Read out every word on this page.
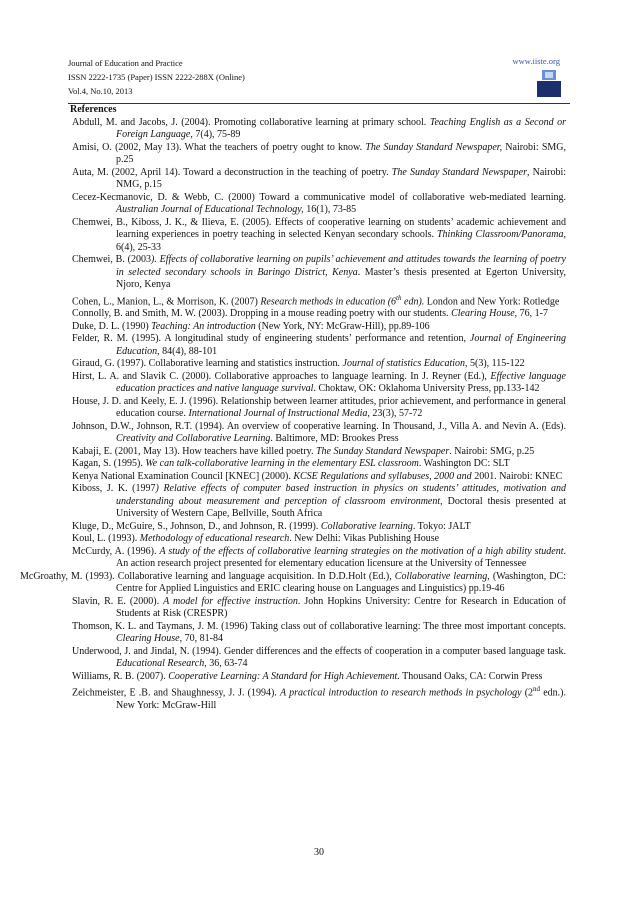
Journal of Education and Practice
ISSN 2222-1735 (Paper) ISSN 2222-288X (Online)
Vol.4, No.10, 2013
www.iiste.org
References
Abdull, M. and Jacobs, J. (2004). Promoting collaborative learning at primary school. Teaching English as a Second or Foreign Language, 7(4), 75-89
Amisi, O. (2002, May 13). What the teachers of poetry ought to know. The Sunday Standard Newspaper, Nairobi: SMG, p.25
Auta, M. (2002, April 14). Toward a deconstruction in the teaching of poetry. The Sunday Standard Newspaper, Nairobi: NMG, p.15
Cecez-Kecmanovic, D. & Webb, C. (2000) Toward a communicative model of collaborative web-mediated learning. Australian Journal of Educational Technology, 16(1), 73-85
Chemwei, B., Kiboss, J. K., & Ilieva, E. (2005). Effects of cooperative learning on students’ academic achievement and learning experiences in poetry teaching in selected Kenyan secondary schools. Thinking Classroom/Panorama, 6(4), 25-33
Chemwei, B. (2003). Effects of collaborative learning on pupils’ achievement and attitudes towards the learning of poetry in selected secondary schools in Baringo District, Kenya. Master’s thesis presented at Egerton University, Njoro, Kenya
Cohen, L., Manion, L., & Morrison, K. (2007) Research methods in education (6th edn). London and New York: Rotledge
Connolly, B. and Smith, M. W. (2003). Dropping in a mouse reading poetry with our students. Clearing House, 76, 1-7
Duke, D. L. (1990) Teaching: An introduction (New York, NY: McGraw-Hill), pp.89-106
Felder, R. M. (1995). A longitudinal study of engineering students’ performance and retention, Journal of Engineering Education, 84(4), 88-101
Giraud, G. (1997). Collaborative learning and statistics instruction. Journal of statistics Education, 5(3), 115-122
Hirst, L. A. and Slavik C. (2000). Collaborative approaches to language learning. In J. Reyner (Ed.), Effective language education practices and native language survival. Choktaw, OK: Oklahoma University Press, pp.133-142
House, J. D. and Keely, E. J. (1996). Relationship between learner attitudes, prior achievement, and performance in general education course. International Journal of Instructional Media, 23(3), 57-72
Johnson, D.W., Johnson, R.T. (1994). An overview of cooperative learning. In Thousand, J., Villa A. and Nevin A. (Eds). Creativity and Collaborative Learning. Baltimore, MD: Brookes Press
Kabaji, E. (2001, May 13). How teachers have killed poetry. The Sunday Standard Newspaper. Nairobi: SMG, p.25
Kagan, S. (1995). We can talk-collaborative learning in the elementary ESL classroom. Washington DC: SLT
Kenya National Examination Council [KNEC] (2000). KCSE Regulations and syllabuses, 2000 and 2001. Nairobi: KNEC
Kiboss, J. K. (1997) Relative effects of computer based instruction in physics on students’ attitudes, motivation and understanding about measurement and perception of classroom environment, Doctoral thesis presented at University of Western Cape, Bellville, South Africa
Kluge, D., McGuire, S., Johnson, D., and Johnson, R. (1999). Collaborative learning. Tokyo: JALT
Koul, L. (1993). Methodology of educational research. New Delhi: Vikas Publishing House
McCurdy, A. (1996). A study of the effects of collaborative learning strategies on the motivation of a high ability student. An action research project presented for elementary education licensure at the University of Tennessee
McGroathy, M. (1993). Collaborative learning and language acquisition. In D.D.Holt (Ed.), Collaborative learning, (Washington, DC: Centre for Applied Linguistics and ERIC clearing house on Languages and Linguistics) pp.19-46
Slavin, R. E. (2000). A model for effective instruction. John Hopkins University: Centre for Research in Education of Students at Risk (CRESPR)
Thomson, K. L. and Taymans, J. M. (1996) Taking class out of collaborative learning: The three most important concepts. Clearing House, 70, 81-84
Underwood, J. and Jindal, N. (1994). Gender differences and the effects of cooperation in a computer based language task. Educational Research, 36, 63-74
Williams, R. B. (2007). Cooperative Learning: A Standard for High Achievement. Thousand Oaks, CA: Corwin Press
Zeichmeister, E .B. and Shaughnessy, J. J. (1994). A practical introduction to research methods in psychology (2nd edn.). New York: McGraw-Hill
30
